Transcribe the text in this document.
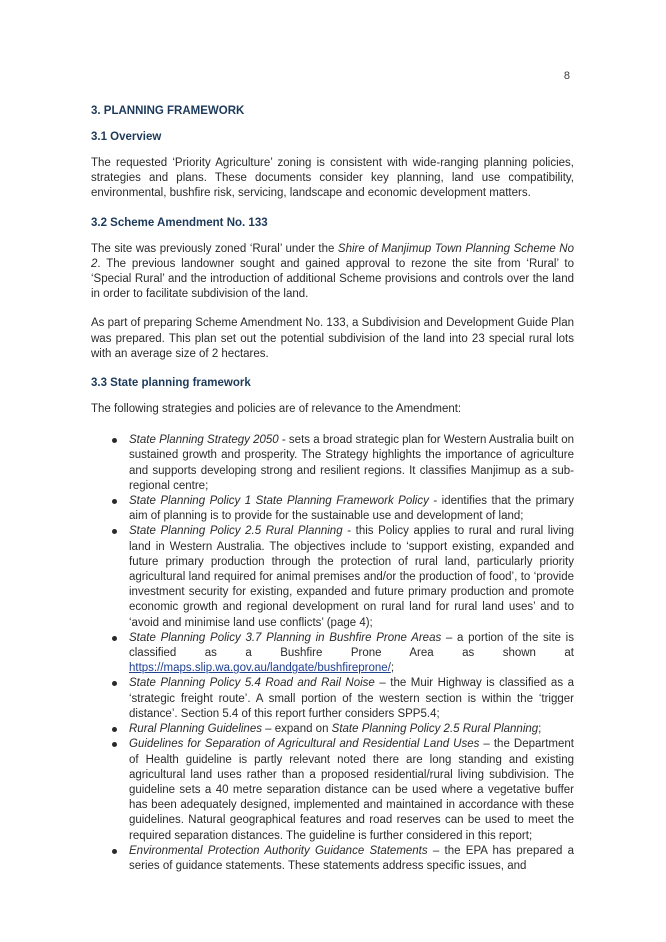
8
3. PLANNING FRAMEWORK
3.1 Overview

The requested ‘Priority Agriculture’ zoning is consistent with wide-ranging planning policies, strategies and plans. These documents consider key planning, land use compatibility, environmental, bushfire risk, servicing, landscape and economic development matters.

3.2 Scheme Amendment No. 133

The site was previously zoned ‘Rural’ under the Shire of Manjimup Town Planning Scheme No 2. The previous landowner sought and gained approval to rezone the site from ‘Rural’ to ‘Special Rural’ and the introduction of additional Scheme provisions and controls over the land in order to facilitate subdivision of the land.

As part of preparing Scheme Amendment No. 133, a Subdivision and Development Guide Plan was prepared. This plan set out the potential subdivision of the land into 23 special rural lots with an average size of 2 hectares.

3.3 State planning framework

The following strategies and policies are of relevance to the Amendment:

State Planning Strategy 2050 - sets a broad strategic plan for Western Australia built on sustained growth and prosperity. The Strategy highlights the importance of agriculture and supports developing strong and resilient regions. It classifies Manjimup as a sub-regional centre;
State Planning Policy 1 State Planning Framework Policy - identifies that the primary aim of planning is to provide for the sustainable use and development of land;
State Planning Policy 2.5 Rural Planning - this Policy applies to rural and rural living land in Western Australia. The objectives include to ‘support existing, expanded and future primary production through the protection of rural land, particularly priority agricultural land required for animal premises and/or the production of food’, to ‘provide investment security for existing, expanded and future primary production and promote economic growth and regional development on rural land for rural land uses’ and to ‘avoid and minimise land use conflicts’ (page 4);
State Planning Policy 3.7 Planning in Bushfire Prone Areas – a portion of the site is classified as a Bushfire Prone Area as shown at
https://maps.slip.wa.gov.au/landgate/bushfireprone/;
State Planning Policy 5.4 Road and Rail Noise – the Muir Highway is classified as a ‘strategic freight route’. A small portion of the western section is within the ‘trigger distance’. Section 5.4 of this report further considers SPP5.4;
Rural Planning Guidelines – expand on State Planning Policy 2.5 Rural Planning;
Guidelines for Separation of Agricultural and Residential Land Uses – the Department of Health guideline is partly relevant noted there are long standing and existing agricultural land uses rather than a proposed residential/rural living subdivision. The guideline sets a 40 metre separation distance can be used where a vegetative buffer has been adequately designed, implemented and maintained in accordance with these guidelines. Natural geographical features and road reserves can be used to meet the required separation distances. The guideline is further considered in this report;
Environmental Protection Authority Guidance Statements – the EPA has prepared a series of guidance statements. These statements address specific issues, and
